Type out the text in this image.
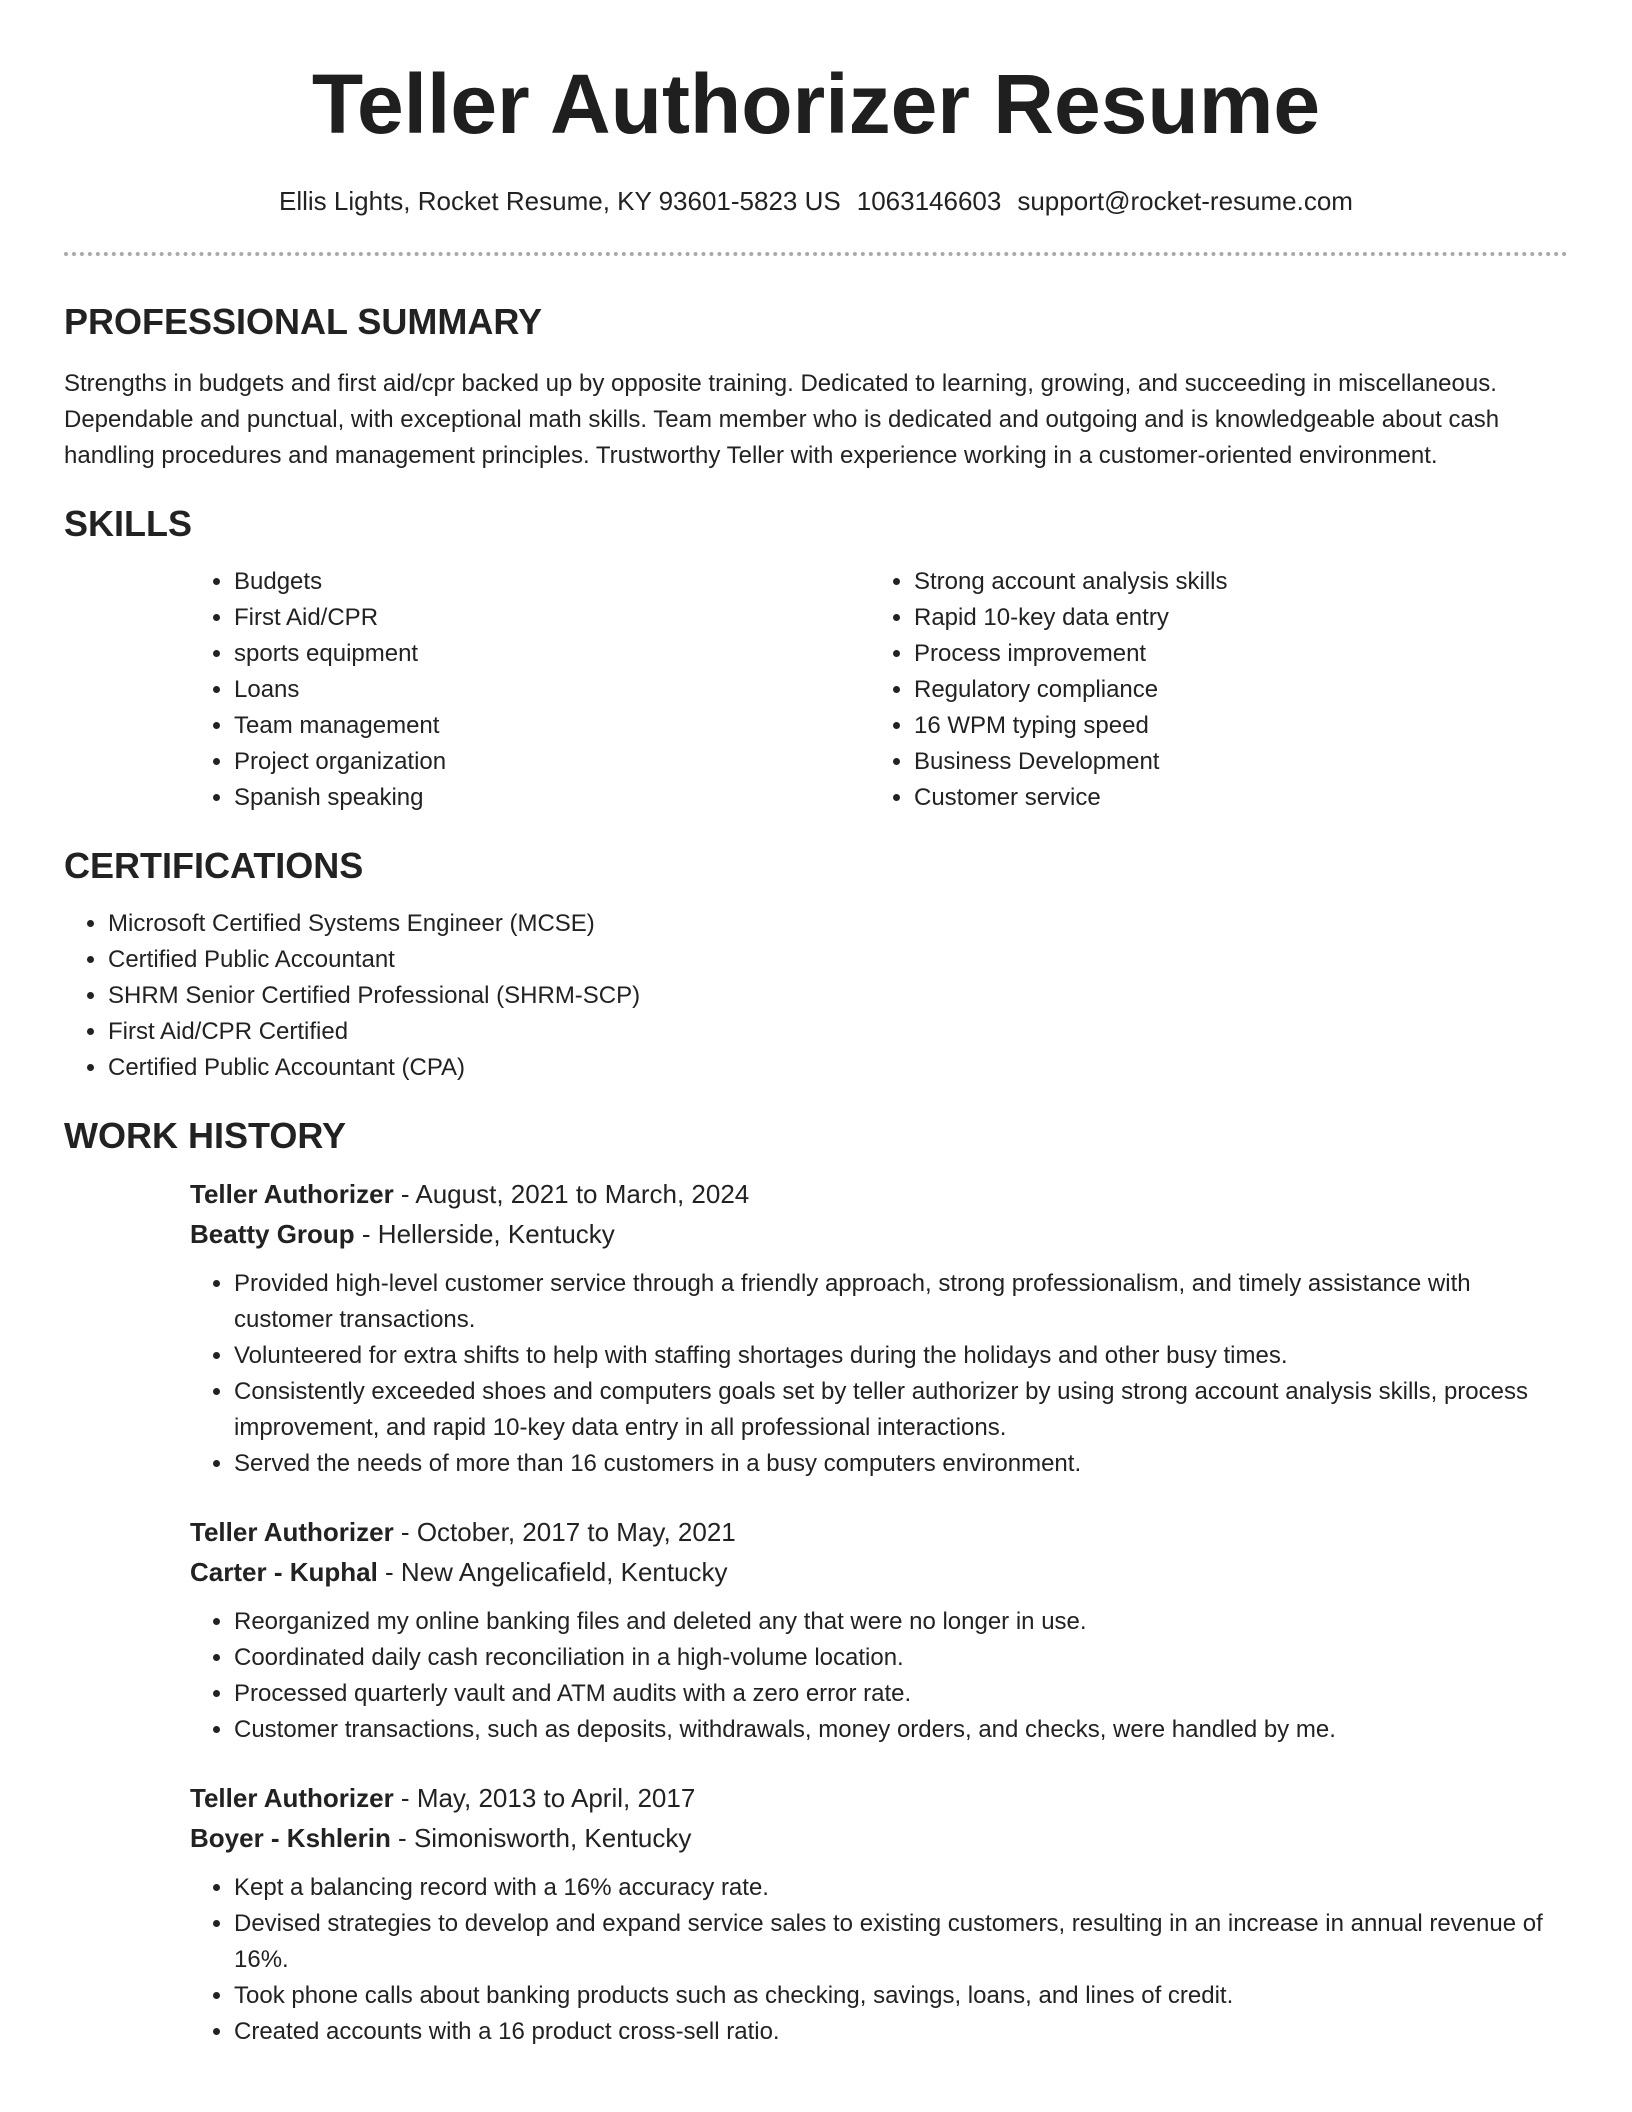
Teller Authorizer Resume
Ellis Lights, Rocket Resume, KY 93601-5823 US 1063146603 support@rocket-resume.com
PROFESSIONAL SUMMARY

Strengths in budgets and first aid/cpr backed up by opposite training. Dedicated to learning, growing, and succeeding in miscellaneous. Dependable and punctual, with exceptional math skills. Team member who is dedicated and outgoing and is knowledgeable about cash handling procedures and management principles. Trustworthy Teller with experience working in a customer-oriented environment.

SKILLS
• Budgets
• First Aid/CPR
• sports equipment
• Loans
• Team management
• Project organization
• Spanish speaking
• Strong account analysis skills
• Rapid 10-key data entry
• Process improvement
• Regulatory compliance
• 16 WPM typing speed
• Business Development
• Customer service
CERTIFICATIONS
• Microsoft Certified Systems Engineer (MCSE)
• Certified Public Accountant
• SHRM Senior Certified Professional (SHRM-SCP)
• First Aid/CPR Certified
• Certified Public Accountant (CPA)
WORK HISTORY

Teller Authorizer - August, 2021 to March, 2024

Beatty Group - Hellerside, Kentucky

• Provided high-level customer service through a friendly approach, strong professionalism, and timely assistance with customer transactions.
• Volunteered for extra shifts to help with staffing shortages during the holidays and other busy times.
• Consistently exceeded shoes and computers goals set by teller authorizer by using strong account analysis skills, process improvement, and rapid 10-key data entry in all professional interactions.
• Served the needs of more than 16 customers in a busy computers environment.

Teller Authorizer - October, 2017 to May, 2021

Carter - Kuphal - New Angelicafield, Kentucky

• Reorganized my online banking files and deleted any that were no longer in use.
• Coordinated daily cash reconciliation in a high-volume location.
• Processed quarterly vault and ATM audits with a zero error rate.
• Customer transactions, such as deposits, withdrawals, money orders, and checks, were handled by me.

Teller Authorizer - May, 2013 to April, 2017

Boyer - Kshlerin - Simonisworth, Kentucky

• Kept a balancing record with a 16% accuracy rate.
• Devised strategies to develop and expand service sales to existing customers, resulting in an increase in annual revenue of 16%.
• Took phone calls about banking products such as checking, savings, loans, and lines of credit.
• Created accounts with a 16 product cross-sell ratio.
